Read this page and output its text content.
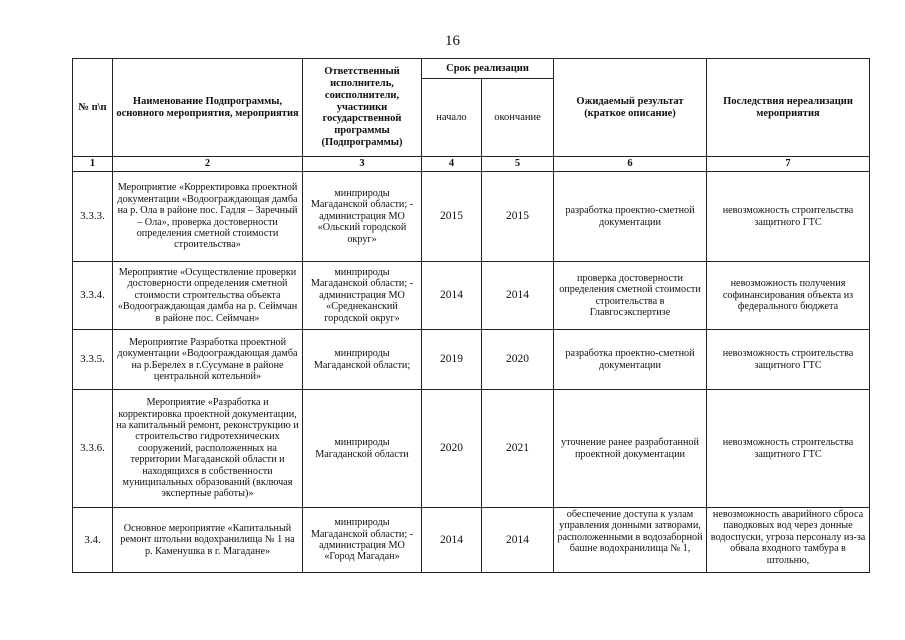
16
№ п\п	Наименование Подпрограммы, основного мероприятия, мероприятия	Ответственный исполнитель, соисполнители, участники государственной программы (Подпрограммы)	Срок реализации		Ожидаемый результат (краткое описание)	Последствия нереализации мероприятия
			начало	окончание		
1	2	3	4	5	6	7
3.3.3.	Мероприятие «Корректировка проектной документации «Водоограждающая дамба на р. Ола в районе пос. Гадля – Заречный – Ола», проверка достоверности определения сметной стоимости строительства»	минприроды Магаданской области; - администрация МО «Ольский городской округ»	2015	2015	разработка проектно-сметной документации	невозможность строительства защитного ГТС
3.3.4.	Мероприятие «Осуществление проверки достоверности определения сметной стоимости строительства объекта «Водоограждающая дамба на р. Сеймчан в районе пос. Сеймчан»	минприроды Магаданской области; - администрация МО «Среднеканский городской округ»	2014	2014	проверка достоверности определения сметной стоимости строительства в Главгосэкспертизе	невозможность получения софинансирования объекта из федерального бюджета
3.3.5.	Мероприятие Разработка проектной документации «Водоограждающая дамба на р.Берелех в г.Сусумане в районе центральной котельной»	минприроды Магаданской области;	2019	2020	разработка проектно-сметной документации	невозможность строительства защитного ГТС
3.3.6.	Мероприятие «Разработка и корректировка проектной документации, на капитальный ремонт, реконструкцию и строительство гидротехнических сооружений, расположенных на территории Магаданской области и находящихся в собственности муниципальных образований (включая экспертные работы)»	минприроды Магаданской области	2020	2021	уточнение ранее разработанной проектной документации	невозможность строительства защитного ГТС
3.4.	Основное мероприятие «Капитальный ремонт штольни водохранилища № 1 на р. Каменушка в г. Магадане»	минприроды Магаданской области; - администрация МО «Город Магадан»	2014	2014	обеспечение доступа к узлам управления донными затворами, расположенными в водозаборной башне водохранилища № 1,	невозможность аварийного сброса паводковых вод через донные водоспуски, угроза персоналу из-за обвала входного тамбура в штольню,
